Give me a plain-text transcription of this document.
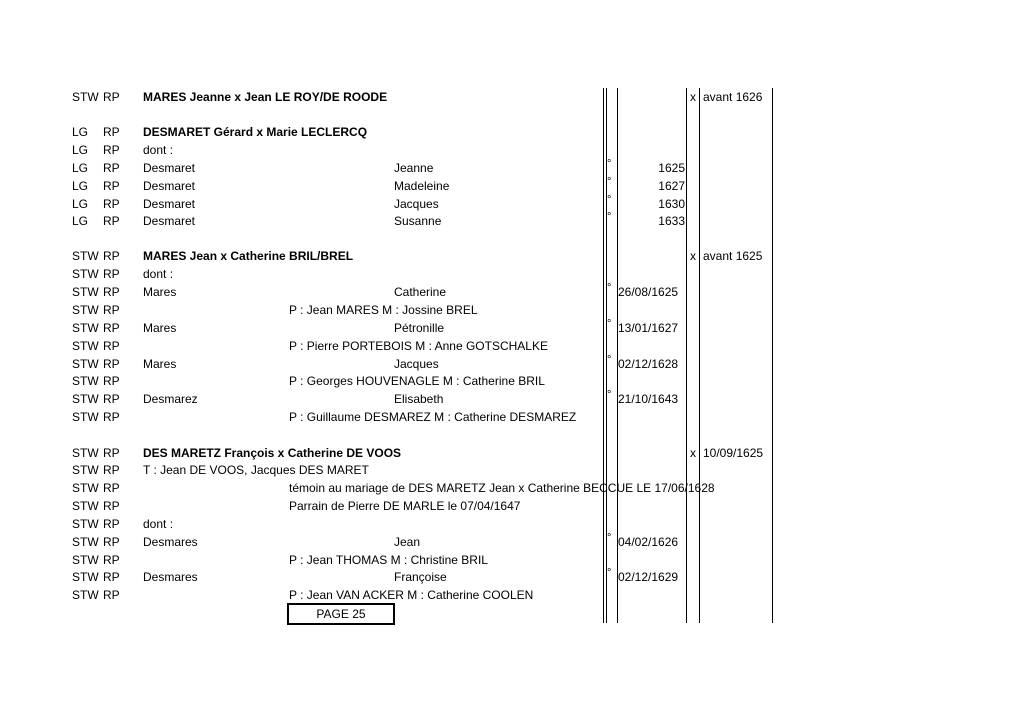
STW RP MARES Jeanne x Jean LE ROY/DE ROODE	x avant 1626
LG RP DESMARET Gérard x Marie LECLERCQ
LG RP dont :
LG RP Desmaret	Jeanne	°	1625
LG RP Desmaret	Madeleine	°	1627
LG RP Desmaret	Jacques	°	1630
LG RP Desmaret	Susanne	°	1633
STW RP MARES Jean x Catherine BRIL/BREL	x avant 1625
STW RP dont :
STW RP Mares	Catherine	° 26/08/1625
STW RP	P : Jean MARES M : Jossine BREL
STW RP Mares	Pétronille	° 13/01/1627
STW RP	P : Pierre PORTEBOIS M : Anne GOTSCHALKE
STW RP Mares	Jacques	° 02/12/1628
STW RP	P : Georges HOUVENAGLE M : Catherine BRIL
STW RP Desmarez	Elisabeth	° 21/10/1643
STW RP	P : Guillaume DESMAREZ M : Catherine DESMAREZ
STW RP DES MARETZ François x Catherine DE VOOS	x 10/09/1625
STW RP T : Jean DE VOOS, Jacques DES MARET
STW RP	témoin au mariage de DES MARETZ Jean x Catherine BECCUE LE 17/06/1628
STW RP	Parrain de Pierre DE MARLE le 07/04/1647
STW RP dont :
STW RP Desmares	Jean	° 04/02/1626
STW RP	P : Jean THOMAS M : Christine BRIL
STW RP Desmares	Françoise	° 02/12/1629
STW RP	P : Jean VAN ACKER M : Catherine COOLEN
PAGE 25
